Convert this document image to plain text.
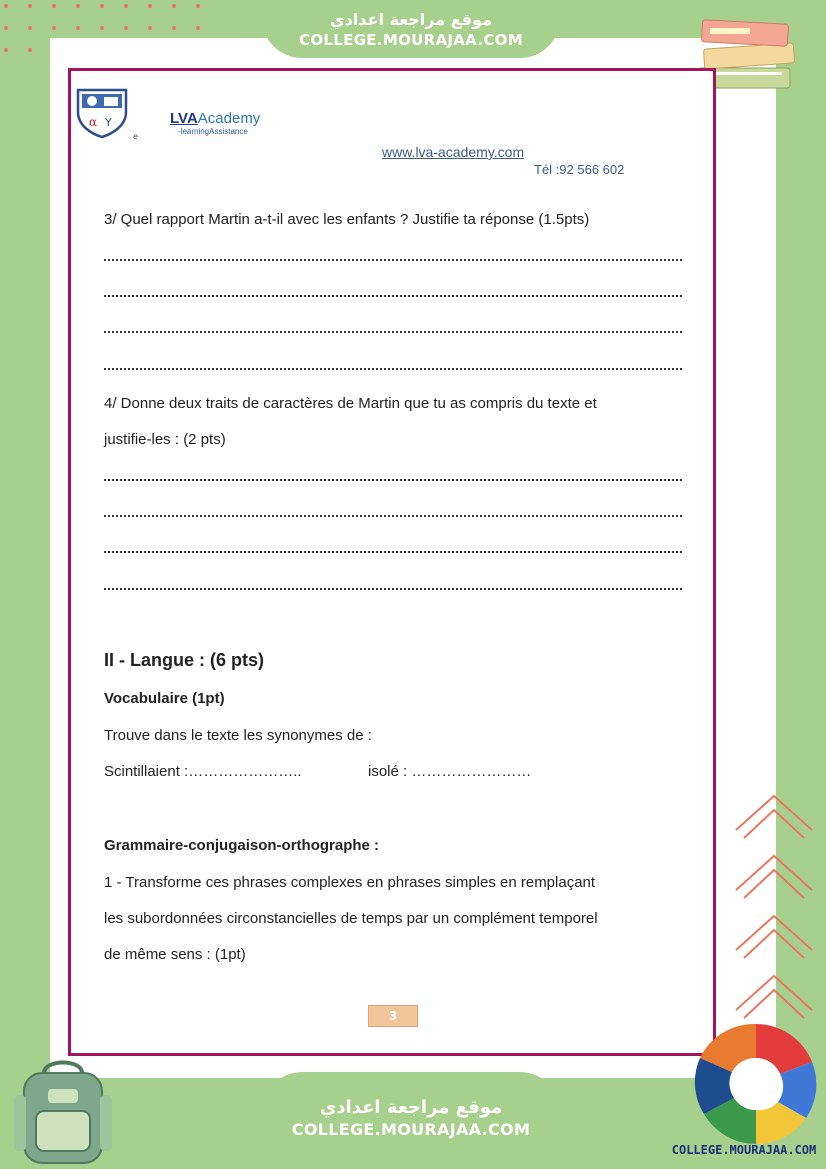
موقع مراجعة اعدادي
COLLEGE.MOURAJAA.COM
α Y	LVAAcademy
-learningAssistance
e
www.lva-academy.com
Tél :92 566 602
3/ Quel rapport Martin a-t-il avec les enfants ? Justifie ta réponse (1.5pts)
4/ Donne deux traits de caractères de Martin que tu as compris du texte et
justifie-les : (2 pts)
II - Langue : (6 pts)
Vocabulaire (1pt)
Trouve dans le texte les synonymes de :
Scintillaient :…………………..	isolé : ……………………
Grammaire-conjugaison-orthographe :
1 - Transforme ces phrases complexes en phrases simples en remplaçant
les subordonnées circonstancielles de temps par un complément temporel
de même sens : (1pt)
3
موقع مراجعة اعدادي
COLLEGE.MOURAJAA.COM
COLLEGE.MOURAJAA.COM
